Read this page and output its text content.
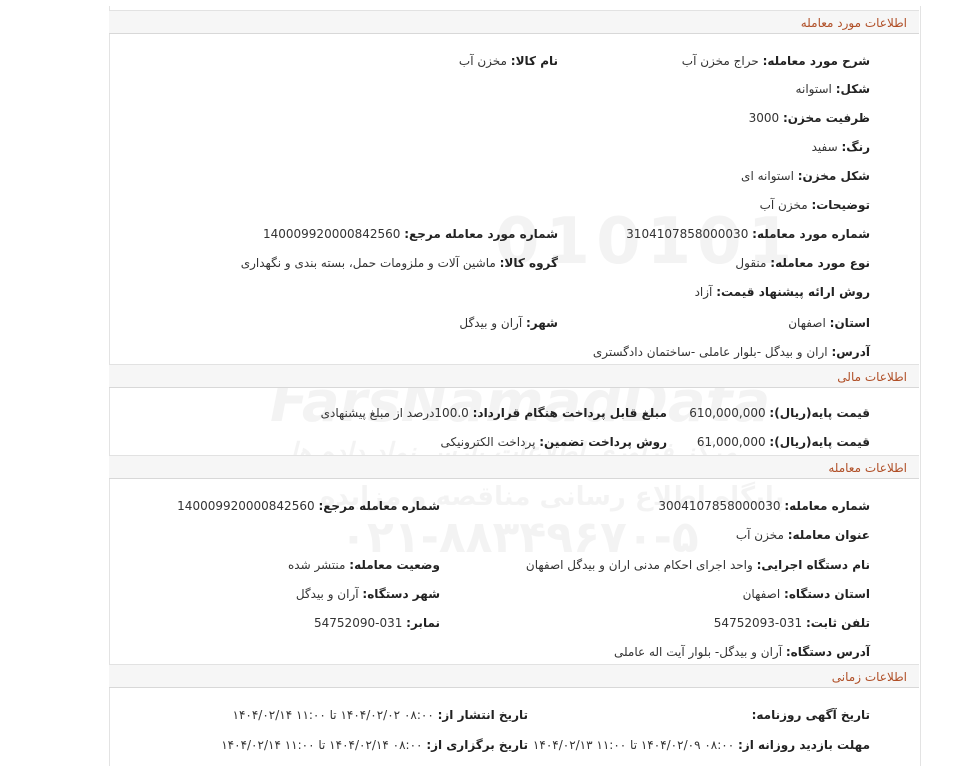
اطلاعات مورد معامله
شرح مورد معامله: حراج مخزن آب
نام کالا: مخزن آب
شکل: استوانه
ظرفیت مخزن: 3000
رنگ: سفید
شکل مخزن: استوانه ای
توضیحات: مخزن آب
شماره مورد معامله: 3104107858000030
شماره مورد معامله مرجع: 140009920000842560
نوع مورد معامله: منقول
گروه کالا: ماشین آلات و ملزومات حمل، بسته بندی و نگهداری
روش ارائه پیشنهاد قیمت: آزاد
استان: اصفهان
شهر: آران و بیدگل
آدرس: اران و بیدگل -بلوار عاملی -ساختمان دادگستری
اطلاعات مالی
قیمت پایه(ریال): 610,000,000
مبلغ قابل پرداخت هنگام قرارداد: 100.0درصد از مبلغ پیشنهادی
قیمت پایه(ریال): 61,000,000
روش پرداخت تضمین: پرداخت الکترونیکی
اطلاعات معامله
شماره معامله: 3004107858000030
شماره معامله مرجع: 140009920000842560
عنوان معامله: مخزن آب
نام دستگاه اجرایی: واحد اجرای احکام مدنی اران و بیدگل اصفهان
وضعیت معامله: منتشر شده
استان دستگاه: اصفهان
شهر دستگاه: آران و بیدگل
تلفن ثابت: 031-54752093
نمابر: 031-54752090
آدرس دستگاه: آران و بیدگل- بلوار آیت اله عاملی
اطلاعات زمانی
تاریخ آگهی روزنامه:
تاریخ انتشار از: ۰۸:۰۰ ۱۴۰۴/۰۲/۰۲ تا ۱۱:۰۰ ۱۴۰۴/۰۲/۱۴
مهلت بازدید روزانه از: ۰۸:۰۰ ۱۴۰۴/۰۲/۰۹ تا ۱۱:۰۰ ۱۴۰۴/۰۲/۱۳
تاریخ برگزاری از: ۰۸:۰۰ ۱۴۰۴/۰۲/۱۴ تا ۱۱:۰۰ ۱۴۰۴/۰۲/۱۴
